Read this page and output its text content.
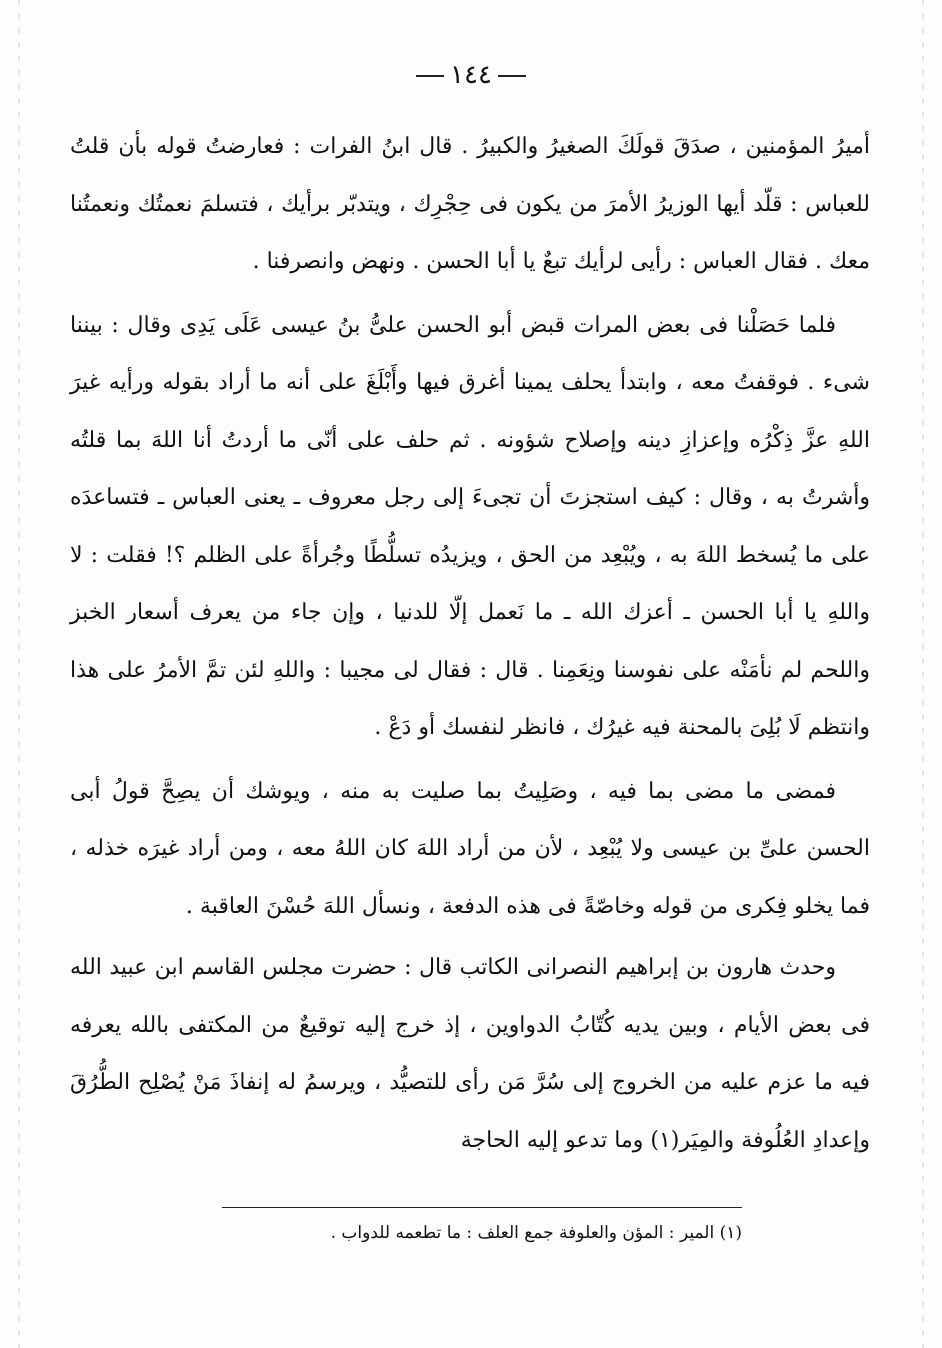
١٤٤

أميرُ المؤمنين ، صدَقَ قولَكَ الصغيرُ والكبيرُ . قال ابنُ الفرات : فعارضتُ قوله بأن قلتُ للعباس : قلّد أيها الوزيرُ الأمرَ من يكون فى حِجْرِك ، ويتدبّر برأيك ، فتسلمَ نعمتُك ونعمتُنا معك . فقال العباس : رأيى لرأيك تبعٌ يا أبا الحسن . ونهض وانصرفنا .

فلما حَصَلْنا فى بعض المرات قبض أبو الحسن علىُّ بنُ عيسى عَلَى يَدِى وقال : بيننا شىء . فوقفتُ معه ، وابتدأ يحلف يمينا أغرق فيها وأَبْلَغَ على أنه ما أراد بقوله ورأيه غيرَ اللهِ عزَّ ذِكْرُه وإعزازِ دينه وإصلاح شؤونه . ثم حلف على أنّى ما أردتُ أنا اللهَ بما قلتُه وأشرتُ به ، وقال : كيف استجزتَ أن تجىءَ إلى رجل معروف ـ يعنى العباس ـ فتساعدَه على ما يُسخط اللهَ به ، ويُبْعِد من الحق ، ويزيدُه تسلُّطًا وجُرأةً على الظلم ؟! فقلت : لا واللهِ يا أبا الحسن ـ أعزك الله ـ ما نَعمل إلّا للدنيا ، وإن جاء من يعرف أسعار الخبز واللحم لم نأمَنْه على نفوسنا ونِعَمِنا . قال : فقال لى مجيبا : واللهِ لئن تمَّ الأمرُ على هذا وانتظم لَا بُلِىَ بالمحنة فيه غيرُك ، فانظر لنفسك أو دَعْ .

فمضى ما مضى بما فيه ، وصَلِيتُ بما صليت به منه ، ويوشك أن يصِحَّ قولُ أبى الحسن علىِّ بن عيسى ولا يُبْعِد ، لأن من أراد اللهَ كان اللهُ معه ، ومن أراد غيرَه خذله ، فما يخلو فِكرى من قوله وخاصّةً فى هذه الدفعة ، ونسأل اللهَ حُسْنَ العاقبة .

وحدث هارون بن إبراهيم النصرانى الكاتب قال : حضرت مجلس القاسم ابن عبيد الله فى بعض الأيام ، وبين يديه كُتّابُ الدواوين ، إذ خرج إليه توقيعٌ من المكتفى بالله يعرفه فيه ما عزم عليه من الخروج إلى سُرَّ مَن رأى للتصيُّد ، ويرسمُ له إنفاذَ مَنْ يُصْلِح الطُّرُقَ وإعدادِ العُلُوفة والمِيَر(١) وما تدعو إليه الحاجة

(١) المير : المؤن والعلوفة جمع العلف : ما تطعمه للدواب .
